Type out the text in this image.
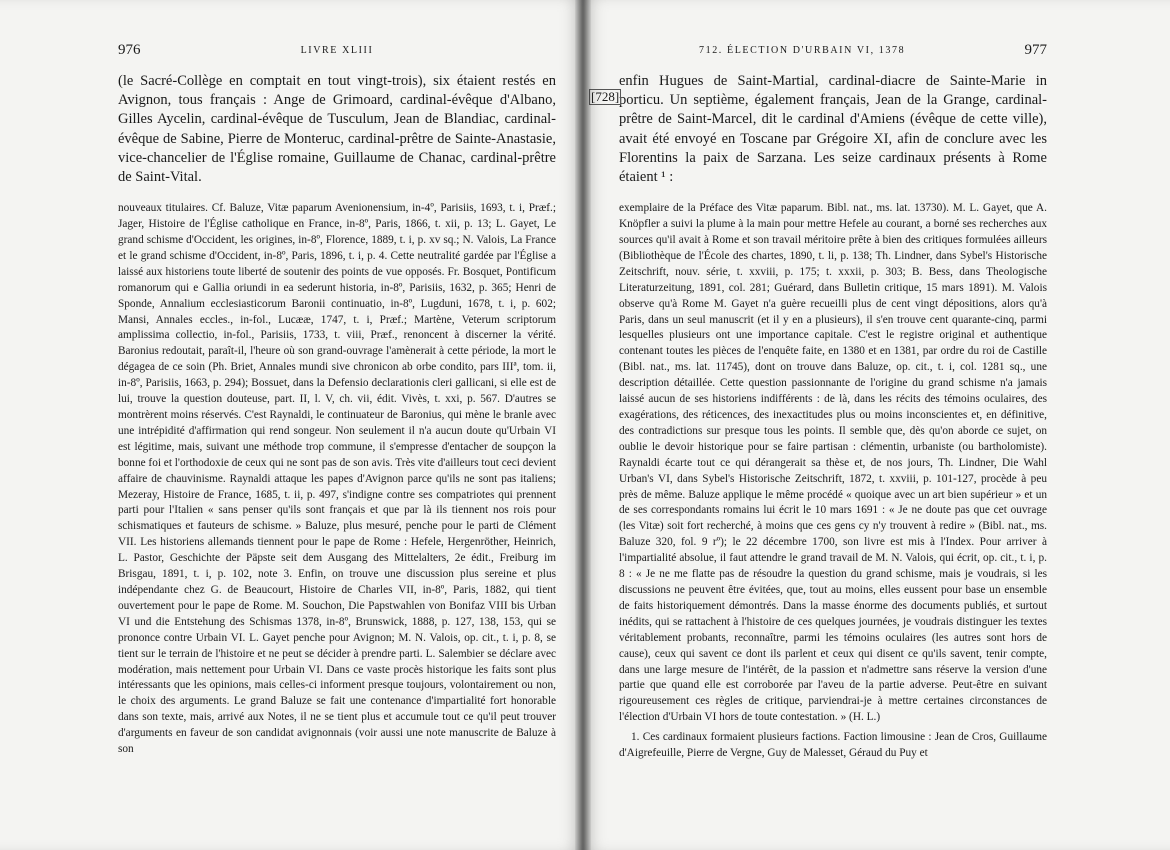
976	LIVRE XLIII

(le Sacré-Collège en comptait en tout vingt-trois), six étaient restés en Avignon, tous français : Ange de Grimoard, cardinal-évêque d'Albano, Gilles Aycelin, cardinal-évêque de Tusculum, Jean de Blandiac, cardinal-évêque de Sabine, Pierre de Monteruc, cardinal-prêtre de Sainte-Anastasie, vice-chancelier de l'Église romaine, Guillaume de Chanac, cardinal-prêtre de Saint-Vital.

nouveaux titulaires. Cf. Baluze, Vitæ paparum Avenionensium, in-4º, Parisiis, 1693, t. i, Præf.; Jager, Histoire de l'Église catholique en France, in-8º, Paris, 1866, t. xii, p. 13; L. Gayet, Le grand schisme d'Occident, les origines, in-8º, Florence, 1889, t. i, p. xv sq.; N. Valois, La France et le grand schisme d'Occident, in-8º, Paris, 1896, t. i, p. 4. Cette neutralité gardée par l'Église a laissé aux historiens toute liberté de soutenir des points de vue opposés. Fr. Bosquet, Pontificum romanorum qui e Gallia oriundi in ea sederunt historia, in-8º, Parisiis, 1632, p. 365; Henri de Sponde, Annalium ecclesiasticorum Baronii continuatio, in-8º, Lugduni, 1678, t. i, p. 602; Mansi, Annales eccles., in-fol., Lucææ, 1747, t. i, Præf.; Martène, Veterum scriptorum amplissima collectio, in-fol., Parisiis, 1733, t. viii, Præf., renoncent à discerner la vérité. Baronius redoutait, paraît-il, l'heure où son grand-ouvrage l'amènerait à cette période, la mort le dégagea de ce soin (Ph. Briet, Annales mundi sive chronicon ab orbe condito, pars IIIª, tom. ii, in-8º, Parisiis, 1663, p. 294); Bossuet, dans la Defensio declarationis cleri gallicani, si elle est de lui, trouve la question douteuse, part. II, l. V, ch. vii, édit. Vivès, t. xxi, p. 567. D'autres se montrèrent moins réservés. C'est Raynaldi, le continuateur de Baronius, qui mène le branle avec une intrépidité d'affirmation qui rend songeur. Non seulement il n'a aucun doute qu'Urbain VI est légitime, mais, suivant une méthode trop commune, il s'empresse d'entacher de soupçon la bonne foi et l'orthodoxie de ceux qui ne sont pas de son avis. Très vite d'ailleurs tout ceci devient affaire de chauvinisme. Raynaldi attaque les papes d'Avignon parce qu'ils ne sont pas italiens; Mezeray, Histoire de France, 1685, t. ii, p. 497, s'indigne contre ses compatriotes qui prennent parti pour l'Italien « sans penser qu'ils sont français et que par là ils tiennent nos rois pour schismatiques et fauteurs de schisme. » Baluze, plus mesuré, penche pour le parti de Clément VII. Les historiens allemands tiennent pour le pape de Rome : Hefele, Hergenröther, Heinrich, L. Pastor, Geschichte der Päpste seit dem Ausgang des Mittelalters, 2e édit., Freiburg im Brisgau, 1891, t. i, p. 102, note 3. Enfin, on trouve une discussion plus sereine et plus indépendante chez G. de Beaucourt, Histoire de Charles VII, in-8º, Paris, 1882, qui tient ouvertement pour le pape de Rome. M. Souchon, Die Papstwahlen von Bonifaz VIII bis Urban VI und die Entstehung des Schismas 1378, in-8º, Brunswick, 1888, p. 127, 138, 153, qui se prononce contre Urbain VI. L. Gayet penche pour Avignon; M. N. Valois, op. cit., t. i, p. 8, se tient sur le terrain de l'histoire et ne peut se décider à prendre parti. L. Salembier se déclare avec modération, mais nettement pour Urbain VI. Dans ce vaste procès historique les faits sont plus intéressants que les opinions, mais celles-ci informent presque toujours, volontairement ou non, le choix des arguments. Le grand Baluze se fait une contenance d'impartialité fort honorable dans son texte, mais, arrivé aux Notes, il ne se tient plus et accumule tout ce qu'il peut trouver d'arguments en faveur de son candidat avignonnais (voir aussi une note manuscrite de Baluze à son

712. ÉLECTION D'URBAIN VI, 1378	977
[728]

enfin Hugues de Saint-Martial, cardinal-diacre de Sainte-Marie in porticu. Un septième, également français, Jean de la Grange, cardinal-prêtre de Saint-Marcel, dit le cardinal d'Amiens (évêque de cette ville), avait été envoyé en Toscane par Grégoire XI, afin de conclure avec les Florentins la paix de Sarzana. Les seize cardinaux présents à Rome étaient ¹ :

exemplaire de la Préface des Vitæ paparum. Bibl. nat., ms. lat. 13730). M. L. Gayet, que A. Knöpfler a suivi la plume à la main pour mettre Hefele au courant, a borné ses recherches aux sources qu'il avait à Rome et son travail méritoire prête à bien des critiques formulées ailleurs (Bibliothèque de l'École des chartes, 1890, t. li, p. 138; Th. Lindner, dans Sybel's Historische Zeitschrift, nouv. série, t. xxviii, p. 175; t. xxxii, p. 303; B. Bess, dans Theologische Literaturzeitung, 1891, col. 281; Guérard, dans Bulletin critique, 15 mars 1891). M. Valois observe qu'à Rome M. Gayet n'a guère recueilli plus de cent vingt dépositions, alors qu'à Paris, dans un seul manuscrit (et il y en a plusieurs), il s'en trouve cent quarante-cinq, parmi lesquelles plusieurs ont une importance capitale. C'est le registre original et authentique contenant toutes les pièces de l'enquête faite, en 1380 et en 1381, par ordre du roi de Castille (Bibl. nat., ms. lat. 11745), dont on trouve dans Baluze, op. cit., t. i, col. 1281 sq., une description détaillée. Cette question passionnante de l'origine du grand schisme n'a jamais laissé aucun de ses historiens indifférents : de là, dans les récits des témoins oculaires, des exagérations, des réticences, des inexactitudes plus ou moins inconscientes et, en définitive, des contradictions sur presque tous les points. Il semble que, dès qu'on aborde ce sujet, on oublie le devoir historique pour se faire partisan : clémentin, urbaniste (ou bartholomiste). Raynaldi écarte tout ce qui dérangerait sa thèse et, de nos jours, Th. Lindner, Die Wahl Urban's VI, dans Sybel's Historische Zeitschrift, 1872, t. xxviii, p. 101-127, procède à peu près de même. Baluze applique le même procédé « quoique avec un art bien supérieur » et un de ses correspondants romains lui écrit le 10 mars 1691 : « Je ne doute pas que cet ouvrage (les Vitæ) soit fort recherché, à moins que ces gens cy n'y trouvent à redire » (Bibl. nat., ms. Baluze 320, fol. 9 rº); le 22 décembre 1700, son livre est mis à l'Index. Pour arriver à l'impartialité absolue, il faut attendre le grand travail de M. N. Valois, qui écrit, op. cit., t. i, p. 8 : « Je ne me flatte pas de résoudre la question du grand schisme, mais je voudrais, si les discussions ne peuvent être évitées, que, tout au moins, elles eussent pour base un ensemble de faits historiquement démontrés. Dans la masse énorme des documents publiés, et surtout inédits, qui se rattachent à l'histoire de ces quelques journées, je voudrais distinguer les textes véritablement probants, reconnaître, parmi les témoins oculaires (les autres sont hors de cause), ceux qui savent ce dont ils parlent et ceux qui disent ce qu'ils savent, tenir compte, dans une large mesure de l'intérêt, de la passion et n'admettre sans réserve la version d'une partie que quand elle est corroborée par l'aveu de la partie adverse. Peut-être en suivant rigoureusement ces règles de critique, parviendrai-je à mettre certaines circonstances de l'élection d'Urbain VI hors de toute contestation. » (H. L.)

1. Ces cardinaux formaient plusieurs factions. Faction limousine : Jean de Cros, Guillaume d'Aigrefeuille, Pierre de Vergne, Guy de Malesset, Géraud du Puy et
